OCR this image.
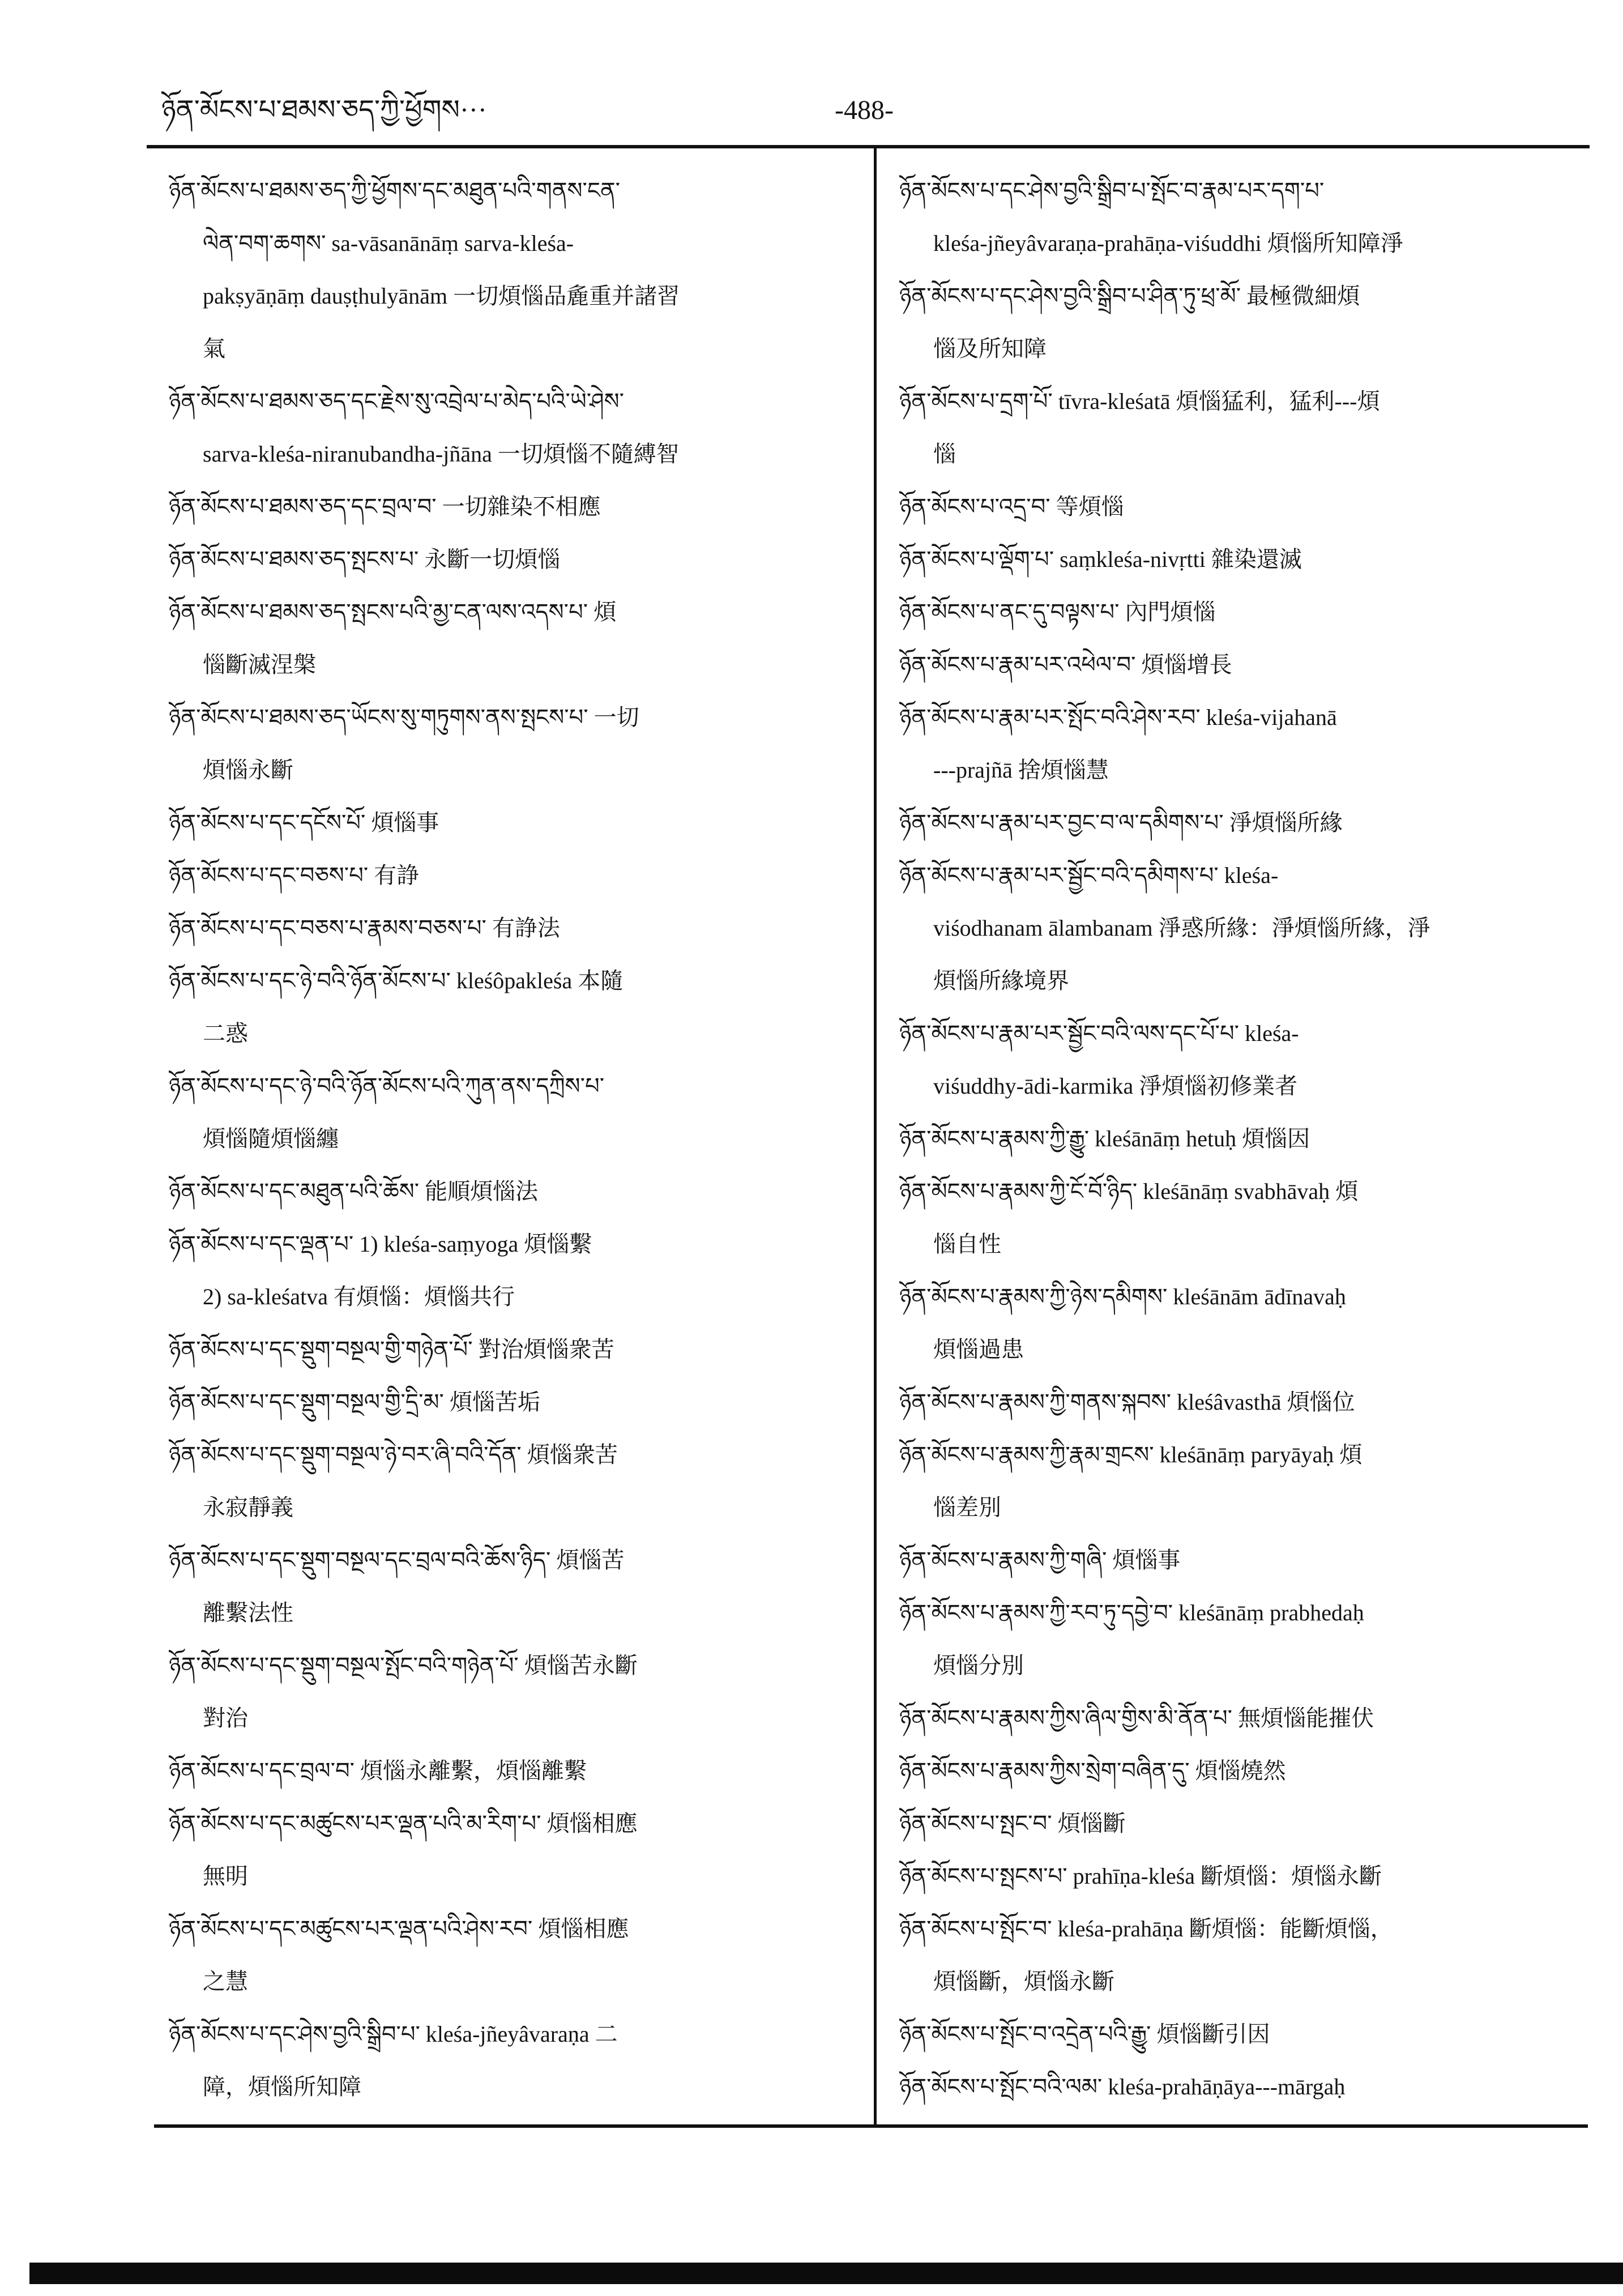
ཉོན་མོངས་པ་ཐམས་ཅད་ཀྱི་ཕྱོགས···	-488-
ཉོན་མོངས་པ་ཐམས་ཅད་ཀྱི་ཕྱོགས་དང་མཐུན་པའི་གནས་ངན་
ལེན་བག་ཆགས་ sa-vāsanānāṃ sarva-kleśa-
pakṣyāṇāṃ dauṣṭhulyānām 一切煩惱品麁重并諸習
氣
ཉོན་མོངས་པ་ཐམས་ཅད་དང་རྗེས་སུ་འབྲེལ་པ་མེད་པའི་ཡེ་ཤེས་
sarva-kleśa-niranubandha-jñāna 一切煩惱不隨縛智
ཉོན་མོངས་པ་ཐམས་ཅད་དང་བྲལ་བ་ 一切雜染不相應
ཉོན་མོངས་པ་ཐམས་ཅད་སྤངས་པ་ 永斷一切煩惱
ཉོན་མོངས་པ་ཐམས་ཅད་སྤངས་པའི་མྱ་ངན་ལས་འདས་པ་ 煩
惱斷滅涅槃
ཉོན་མོངས་པ་ཐམས་ཅད་ཡོངས་སུ་གཏུགས་ནས་སྤངས་པ་ 一切
煩惱永斷
ཉོན་མོངས་པ་དང་དངོས་པོ་ 煩惱事
ཉོན་མོངས་པ་དང་བཅས་པ་ 有諍
ཉོན་མོངས་པ་དང་བཅས་པ་རྣམས་བཅས་པ་ 有諍法
ཉོན་མོངས་པ་དང་ཉེ་བའི་ཉོན་མོངས་པ་ kleśôpakleśa 本隨
二惑
ཉོན་མོངས་པ་དང་ཉེ་བའི་ཉོན་མོངས་པའི་ཀུན་ནས་དཀྲིས་པ་
煩惱隨煩惱纏
ཉོན་མོངས་པ་དང་མཐུན་པའི་ཆོས་ 能順煩惱法
ཉོན་མོངས་པ་དང་ལྡན་པ་ 1) kleśa-saṃyoga 煩惱繫
2) sa-kleśatva 有煩惱：煩惱共行
ཉོན་མོངས་པ་དང་སྡུག་བསྔལ་གྱི་གཉེན་པོ་ 對治煩惱衆苦
ཉོན་མོངས་པ་དང་སྡུག་བསྔལ་གྱི་དྲི་མ་ 煩惱苦垢
ཉོན་མོངས་པ་དང་སྡུག་བསྔལ་ཉེ་བར་ཞི་བའི་དོན་ 煩惱衆苦
永寂靜義
ཉོན་མོངས་པ་དང་སྡུག་བསྔལ་དང་བྲལ་བའི་ཆོས་ཉིད་ 煩惱苦
離繫法性
ཉོན་མོངས་པ་དང་སྡུག་བསྔལ་སྤོང་བའི་གཉེན་པོ་ 煩惱苦永斷
對治
ཉོན་མོངས་པ་དང་བྲལ་བ་ 煩惱永離繫，煩惱離繫
ཉོན་མོངས་པ་དང་མཚུངས་པར་ལྡན་པའི་མ་རིག་པ་ 煩惱相應
無明
ཉོན་མོངས་པ་དང་མཚུངས་པར་ལྡན་པའི་ཤེས་རབ་ 煩惱相應
之慧
ཉོན་མོངས་པ་དང་ཤེས་བྱའི་སྒྲིབ་པ་ kleśa-jñeyâvaraṇa 二
障，煩惱所知障
ཉོན་མོངས་པ་དང་ཤེས་བྱའི་སྒྲིབ་པ་སྤོང་བ་རྣམ་པར་དག་པ་
kleśa-jñeyâvaraṇa-prahāṇa-viśuddhi 煩惱所知障淨
ཉོན་མོངས་པ་དང་ཤེས་བྱའི་སྒྲིབ་པ་ཤིན་ཏུ་ཕྲ་མོ་ 最極微細煩
惱及所知障
ཉོན་མོངས་པ་དྲག་པོ་ tīvra-kleśatā 煩惱猛利，猛利---煩
惱
ཉོན་མོངས་པ་འདྲ་བ་ 等煩惱
ཉོན་མོངས་པ་ལྡོག་པ་ saṃkleśa-nivṛtti 雜染還滅
ཉོན་མོངས་པ་ནང་དུ་བལྟས་པ་ 內門煩惱
ཉོན་མོངས་པ་རྣམ་པར་འཕེལ་བ་ 煩惱增長
ཉོན་མོངས་པ་རྣམ་པར་སྤོང་བའི་ཤེས་རབ་ kleśa-vijahanā
---prajñā 捨煩惱慧
ཉོན་མོངས་པ་རྣམ་པར་བྱང་བ་ལ་དམིགས་པ་ 淨煩惱所緣
ཉོན་མོངས་པ་རྣམ་པར་སྦྱོང་བའི་དམིགས་པ་ kleśa-
viśodhanam ālambanam 淨惑所緣：淨煩惱所緣，淨
煩惱所緣境界
ཉོན་མོངས་པ་རྣམ་པར་སྦྱོང་བའི་ལས་དང་པོ་པ་ kleśa-
viśuddhy-ādi-karmika 淨煩惱初修業者
ཉོན་མོངས་པ་རྣམས་ཀྱི་རྒྱུ་ kleśānāṃ hetuḥ 煩惱因
ཉོན་མོངས་པ་རྣམས་ཀྱི་ངོ་བོ་ཉིད་ kleśānāṃ svabhāvaḥ 煩
惱自性
ཉོན་མོངས་པ་རྣམས་ཀྱི་ཉེས་དམིགས་ kleśānām ādīnavaḥ
煩惱過患
ཉོན་མོངས་པ་རྣམས་ཀྱི་གནས་སྐབས་ kleśâvasthā 煩惱位
ཉོན་མོངས་པ་རྣམས་ཀྱི་རྣམ་གྲངས་ kleśānāṃ paryāyaḥ 煩
惱差別
ཉོན་མོངས་པ་རྣམས་ཀྱི་གཞི་ 煩惱事
ཉོན་མོངས་པ་རྣམས་ཀྱི་རབ་ཏུ་དབྱེ་བ་ kleśānāṃ prabhedaḥ
煩惱分別
ཉོན་མོངས་པ་རྣམས་ཀྱིས་ཞིལ་གྱིས་མི་ནོན་པ་ 無煩惱能摧伏
ཉོན་མོངས་པ་རྣམས་ཀྱིས་སྲེག་བཞིན་དུ་ 煩惱燒然
ཉོན་མོངས་པ་སྤང་བ་ 煩惱斷
ཉོན་མོངས་པ་སྤངས་པ་ prahīṇa-kleśa 斷煩惱：煩惱永斷
ཉོན་མོངས་པ་སྤོང་བ་ kleśa-prahāṇa 斷煩惱：能斷煩惱，
煩惱斷，煩惱永斷
ཉོན་མོངས་པ་སྤོང་བ་འདྲེན་པའི་རྒྱུ་ 煩惱斷引因
ཉོན་མོངས་པ་སྤོང་བའི་ལམ་ kleśa-prahāṇāya---mārgaḥ
